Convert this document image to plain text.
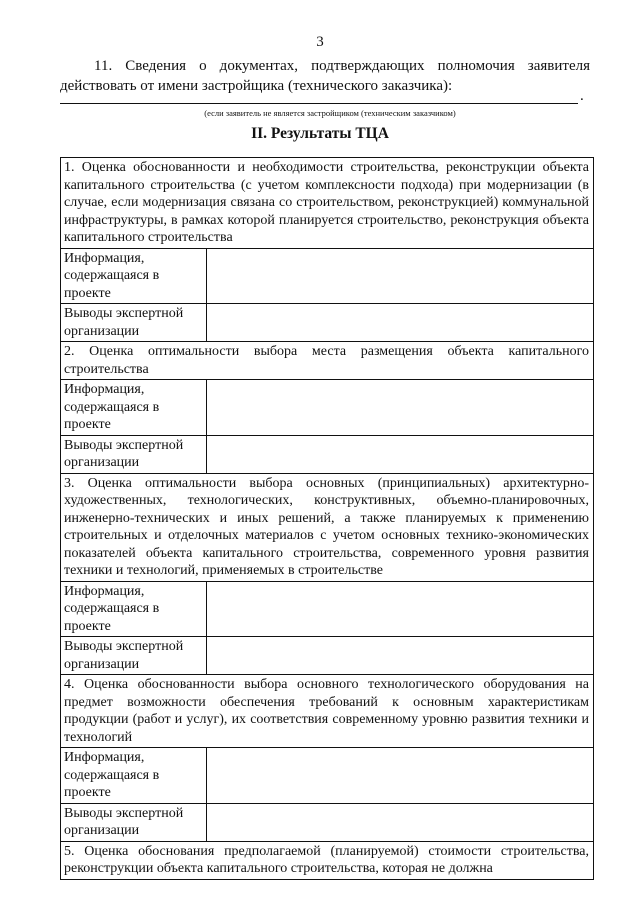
3
11. Сведения о документах, подтверждающих полномочия заявителя действовать от имени застройщика (технического заказчика):
.
(если заявитель не является застройщиком (техническим заказчиком)
II. Результаты ТЦА
1. Оценка обоснованности и необходимости строительства, реконструкции объекта капитального строительства (с учетом комплексности подхода) при модернизации (в случае, если модернизация связана со строительством, реконструкцией) коммунальной инфраструктуры, в рамках которой планируется строительство, реконструкция объекта капитального строительства	
Информация, содержащаяся в проекте	
Выводы экспертной организации	
2. Оценка оптимальности выбора места размещения объекта капитального строительства	
Информация, содержащаяся в проекте	
Выводы экспертной организации	
3. Оценка оптимальности выбора основных (принципиальных) архитектурно-художественных, технологических, конструктивных, объемно-планировочных, инженерно-технических и иных решений, а также планируемых к применению строительных и отделочных материалов с учетом основных технико-экономических показателей объекта капитального строительства, современного уровня развития техники и технологий, применяемых в строительстве	
Информация, содержащаяся в проекте	
Выводы экспертной организации	
4. Оценка обоснованности выбора основного технологического оборудования на предмет возможности обеспечения требований к основным характеристикам продукции (работ и услуг), их соответствия современному уровню развития техники и технологий	
Информация, содержащаяся в проекте	
Выводы экспертной организации	
5. Оценка обоснования предполагаемой (планируемой) стоимости строительства, реконструкции объекта капитального строительства, которая не должна	
